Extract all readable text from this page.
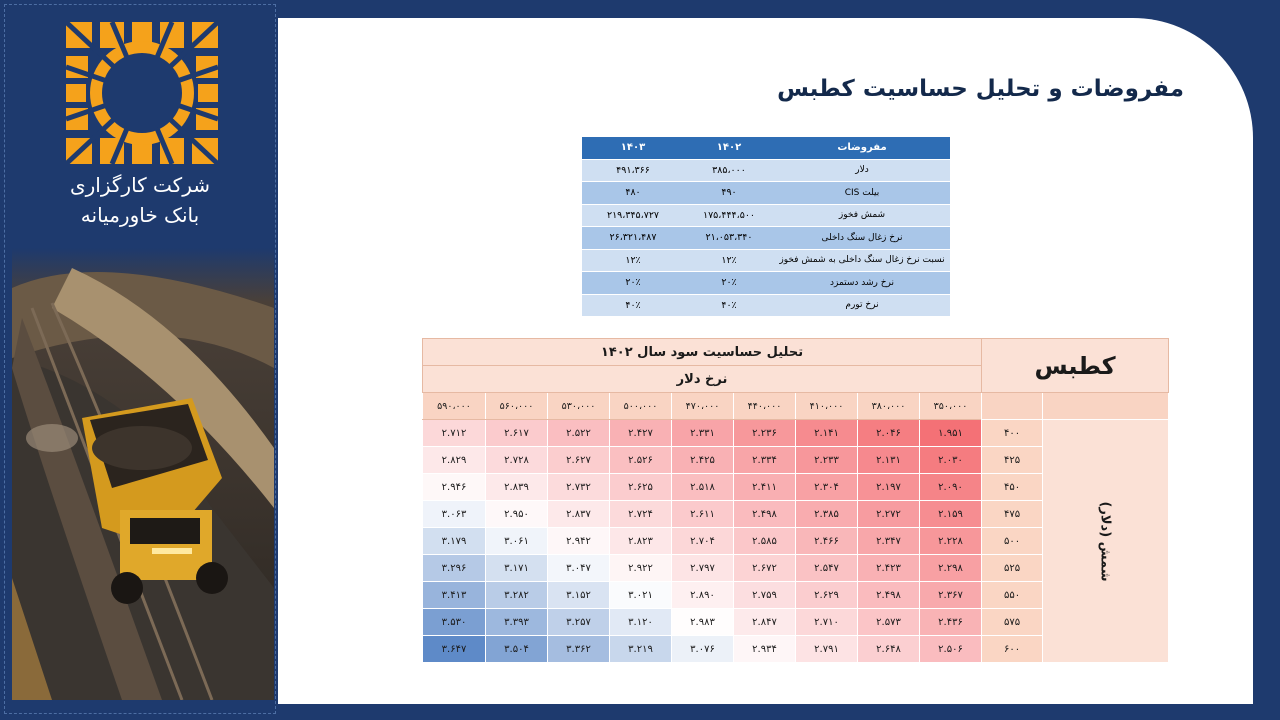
شرکت کارگزاری
بانک خاورمیانه
مفروضات و تحلیل حساسیت کطبس
مفروضات	۱۴۰۲	۱۴۰۳
دلار	۳۸۵،۰۰۰	۴۹۱،۳۶۶
بیلت CIS	۴۹۰	۴۸۰
شمش فخوز	۱۷۵،۴۴۴،۵۰۰	۲۱۹،۳۴۵،۷۲۷
نرخ زغال سنگ داخلی	۲۱،۰۵۳،۳۴۰	۲۶،۳۲۱،۴۸۷
نسبت نرخ زغال سنگ داخلی به شمش فخوز	۱۲٪	۱۲٪
نرخ رشد دستمزد	۲۰٪	۲۰٪
نرخ تورم	۴۰٪	۴۰٪
کطبس		تحلیل حساسیت سود سال ۱۴۰۲								
		نرخ دلار								
		۳۵۰،۰۰۰	۳۸۰،۰۰۰	۴۱۰،۰۰۰	۴۴۰،۰۰۰	۴۷۰،۰۰۰	۵۰۰،۰۰۰	۵۳۰،۰۰۰	۵۶۰،۰۰۰	۵۹۰،۰۰۰
شمش (دلار)	۴۰۰	۱.۹۵۱	۲.۰۴۶	۲.۱۴۱	۲.۲۳۶	۲.۳۳۱	۲.۴۲۷	۲.۵۲۲	۲.۶۱۷	۲.۷۱۲
	۴۲۵	۲.۰۳۰	۲.۱۳۱	۲.۲۳۳	۲.۳۳۴	۲.۴۲۵	۲.۵۲۶	۲.۶۲۷	۲.۷۲۸	۲.۸۲۹
	۴۵۰	۲.۰۹۰	۲.۱۹۷	۲.۳۰۴	۲.۴۱۱	۲.۵۱۸	۲.۶۲۵	۲.۷۳۲	۲.۸۳۹	۲.۹۴۶
	۴۷۵	۲.۱۵۹	۲.۲۷۲	۲.۳۸۵	۲.۴۹۸	۲.۶۱۱	۲.۷۲۴	۲.۸۳۷	۲.۹۵۰	۳.۰۶۳
	۵۰۰	۲.۲۲۸	۲.۳۴۷	۲.۴۶۶	۲.۵۸۵	۲.۷۰۴	۲.۸۲۳	۲.۹۴۲	۳.۰۶۱	۳.۱۷۹
	۵۲۵	۲.۲۹۸	۲.۴۲۳	۲.۵۴۷	۲.۶۷۲	۲.۷۹۷	۲.۹۲۲	۳.۰۴۷	۳.۱۷۱	۳.۲۹۶
	۵۵۰	۲.۳۶۷	۲.۴۹۸	۲.۶۲۹	۲.۷۵۹	۲.۸۹۰	۳.۰۲۱	۳.۱۵۲	۳.۲۸۲	۳.۴۱۳
	۵۷۵	۲.۴۳۶	۲.۵۷۳	۲.۷۱۰	۲.۸۴۷	۲.۹۸۳	۳.۱۲۰	۳.۲۵۷	۳.۳۹۳	۳.۵۳۰
	۶۰۰	۲.۵۰۶	۲.۶۴۸	۲.۷۹۱	۲.۹۳۴	۳.۰۷۶	۳.۲۱۹	۳.۳۶۲	۳.۵۰۴	۳.۶۴۷
